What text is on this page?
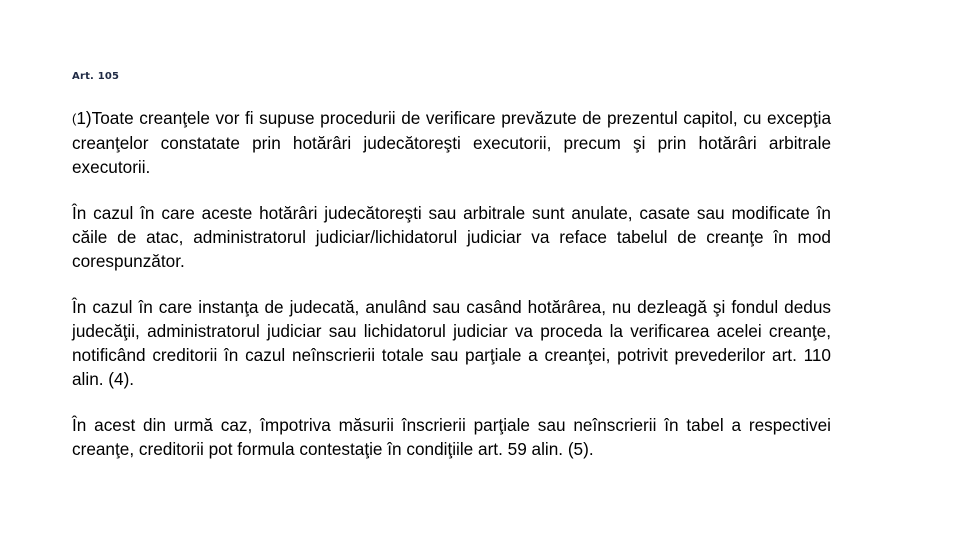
Art. 105

(1)Toate creanţele vor fi supuse procedurii de verificare prevăzute de prezentul capitol, cu excepţia creanţelor constatate prin hotărâri judecătoreşti executorii, precum şi prin hotărâri arbitrale executorii.

În cazul în care aceste hotărâri judecătoreşti sau arbitrale sunt anulate, casate sau modificate în căile de atac, administratorul judiciar/lichidatorul judiciar va reface tabelul de creanţe în mod corespunzător.

În cazul în care instanţa de judecată, anulând sau casând hotărârea, nu dezleagă şi fondul dedus judecăţii, administratorul judiciar sau lichidatorul judiciar va proceda la verificarea acelei creanţe, notificând creditorii în cazul neînscrierii totale sau parţiale a creanţei, potrivit prevederilor art. 110 alin. (4).

În acest din urmă caz, împotriva măsurii înscrierii parţiale sau neînscrierii în tabel a respectivei creanţe, creditorii pot formula contestaţie în condiţiile art. 59 alin. (5).
